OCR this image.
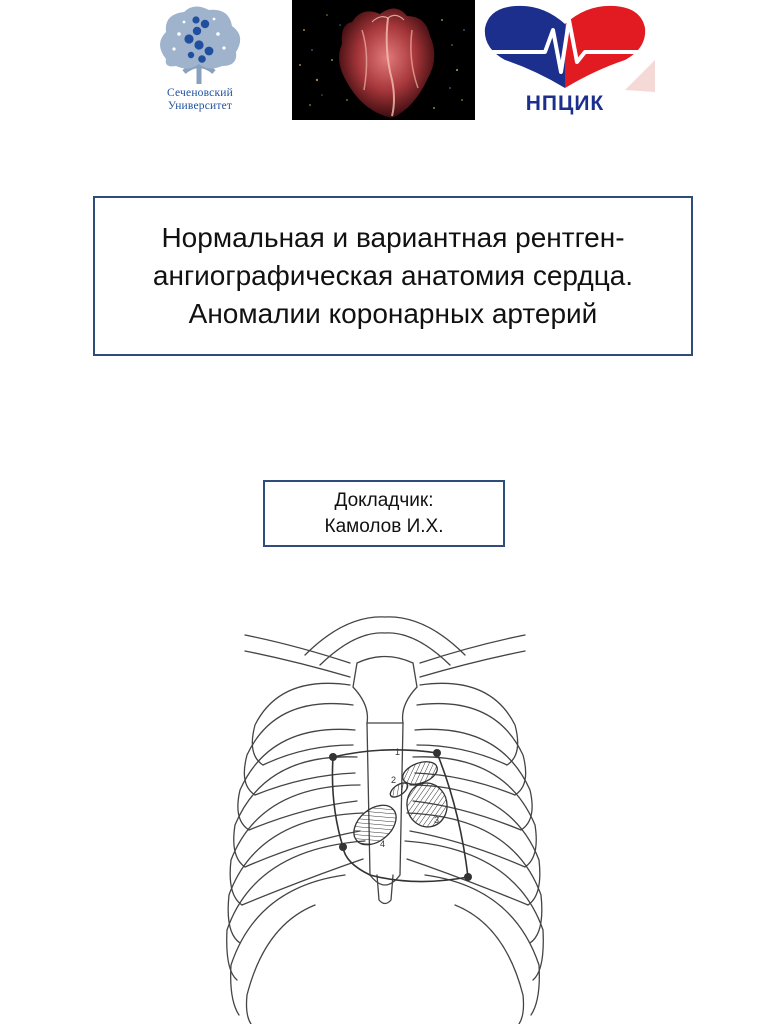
Сеченовский
Университет	НПЦИК
Нормальная и вариантная рентген-ангиографическая анатомия сердца. Аномалии коронарных артерий
Докладчик:
Камолов И.Х.
1
2
3
4
